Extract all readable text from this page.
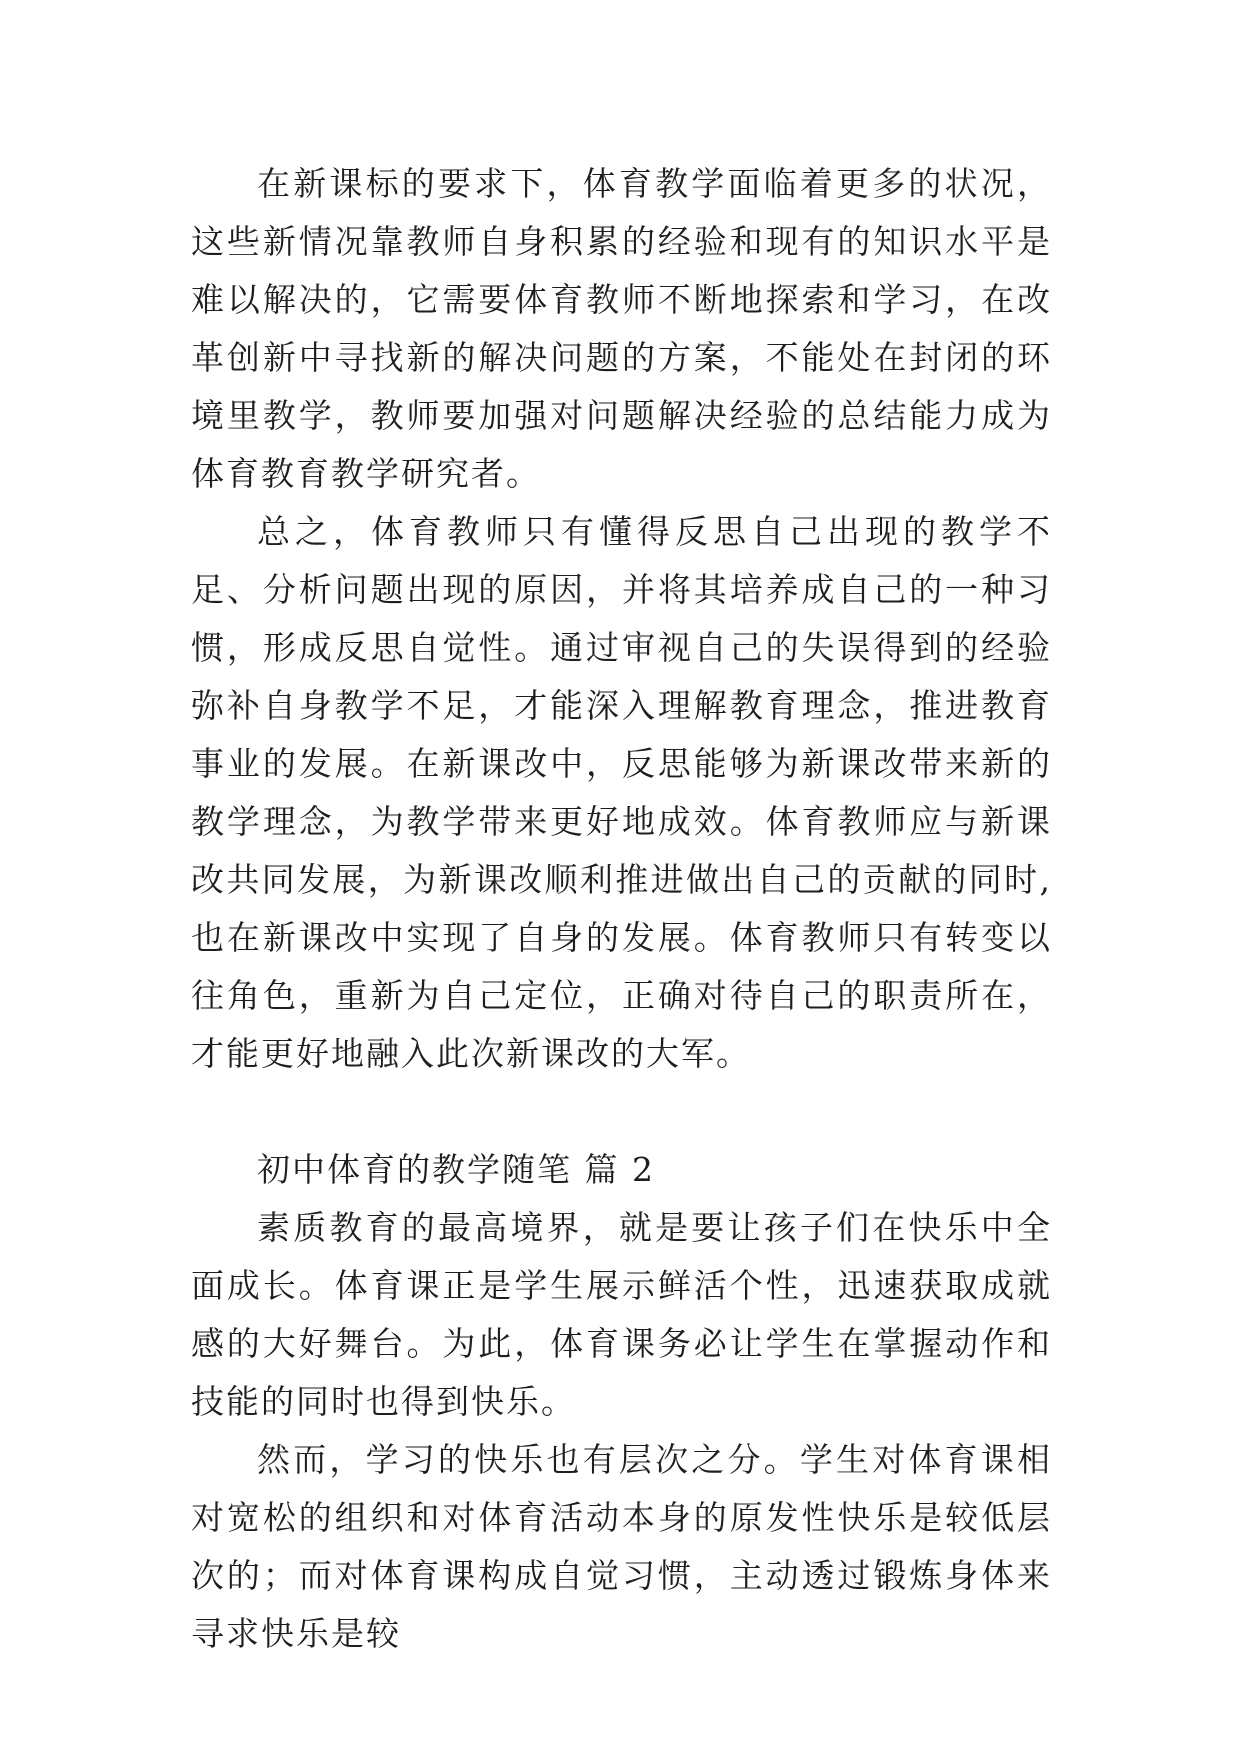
在新课标的要求下，体育教学面临着更多的状况，这些新情况靠教师自身积累的经验和现有的知识水平是难以解决的，它需要体育教师不断地探索和学习，在改革创新中寻找新的解决问题的方案，不能处在封闭的环境里教学，教师要加强对问题解决经验的总结能力成为体育教育教学研究者。

总之，体育教师只有懂得反思自己出现的教学不足、分析问题出现的原因，并将其培养成自己的一种习惯，形成反思自觉性。通过审视自己的失误得到的经验弥补自身教学不足，才能深入理解教育理念，推进教育事业的发展。在新课改中，反思能够为新课改带来新的教学理念，为教学带来更好地成效。体育教师应与新课改共同发展，为新课改顺利推进做出自己的贡献的同时,也在新课改中实现了自身的发展。体育教师只有转变以往角色，重新为自己定位，正确对待自己的职责所在，才能更好地融入此次新课改的大军。

初中体育的教学随笔 篇 2

素质教育的最高境界，就是要让孩子们在快乐中全面成长。体育课正是学生展示鲜活个性，迅速获取成就感的大好舞台。为此，体育课务必让学生在掌握动作和技能的同时也得到快乐。

然而，学习的快乐也有层次之分。学生对体育课相对宽松的组织和对体育活动本身的原发性快乐是较低层次的；而对体育课构成自觉习惯，主动透过锻炼身体来寻求快乐是较
